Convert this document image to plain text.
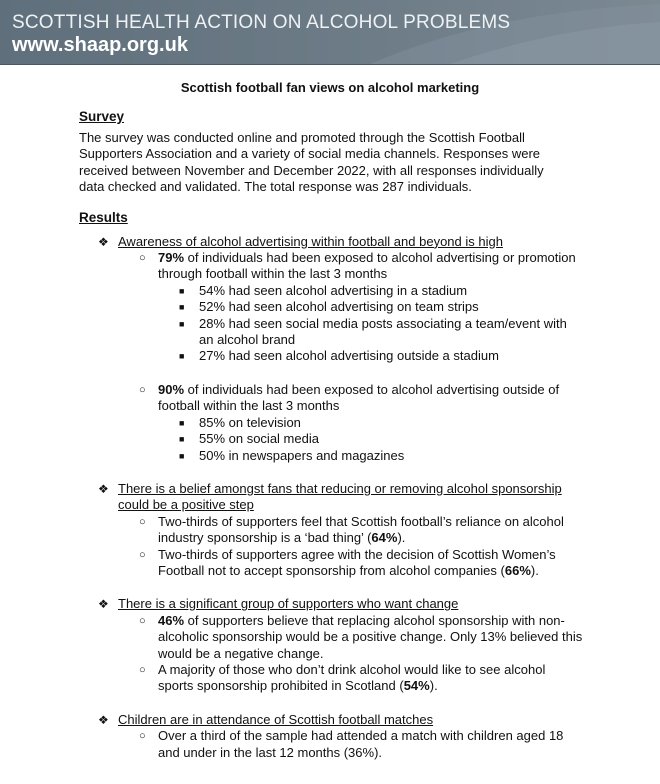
SCOTTISH HEALTH ACTION ON ALCOHOL PROBLEMS
www.shaap.org.uk
Scottish football fan views on alcohol marketing
Survey
The survey was conducted online and promoted through the Scottish Football Supporters Association and a variety of social media channels. Responses were received between November and December 2022, with all responses individually data checked and validated. The total response was 287 individuals.
Results
❖ Awareness of alcohol advertising within football and beyond is high
○ 79% of individuals had been exposed to alcohol advertising or promotion through football within the last 3 months
■ 54% had seen alcohol advertising in a stadium
■ 52% had seen alcohol advertising on team strips
■ 28% had seen social media posts associating a team/event with an alcohol brand
■ 27% had seen alcohol advertising outside a stadium
○ 90% of individuals had been exposed to alcohol advertising outside of football within the last 3 months
■ 85% on television
■ 55% on social media
■ 50% in newspapers and magazines
❖ There is a belief amongst fans that reducing or removing alcohol sponsorship could be a positive step
○ Two-thirds of supporters feel that Scottish football’s reliance on alcohol industry sponsorship is a ‘bad thing’ (64%).
○ Two-thirds of supporters agree with the decision of Scottish Women’s Football not to accept sponsorship from alcohol companies (66%).
❖ There is a significant group of supporters who want change
○ 46% of supporters believe that replacing alcohol sponsorship with non-alcoholic sponsorship would be a positive change. Only 13% believed this would be a negative change.
○ A majority of those who don’t drink alcohol would like to see alcohol sports sponsorship prohibited in Scotland (54%).
❖ Children are in attendance of Scottish football matches
○ Over a third of the sample had attended a match with children aged 18 and under in the last 12 months (36%).
